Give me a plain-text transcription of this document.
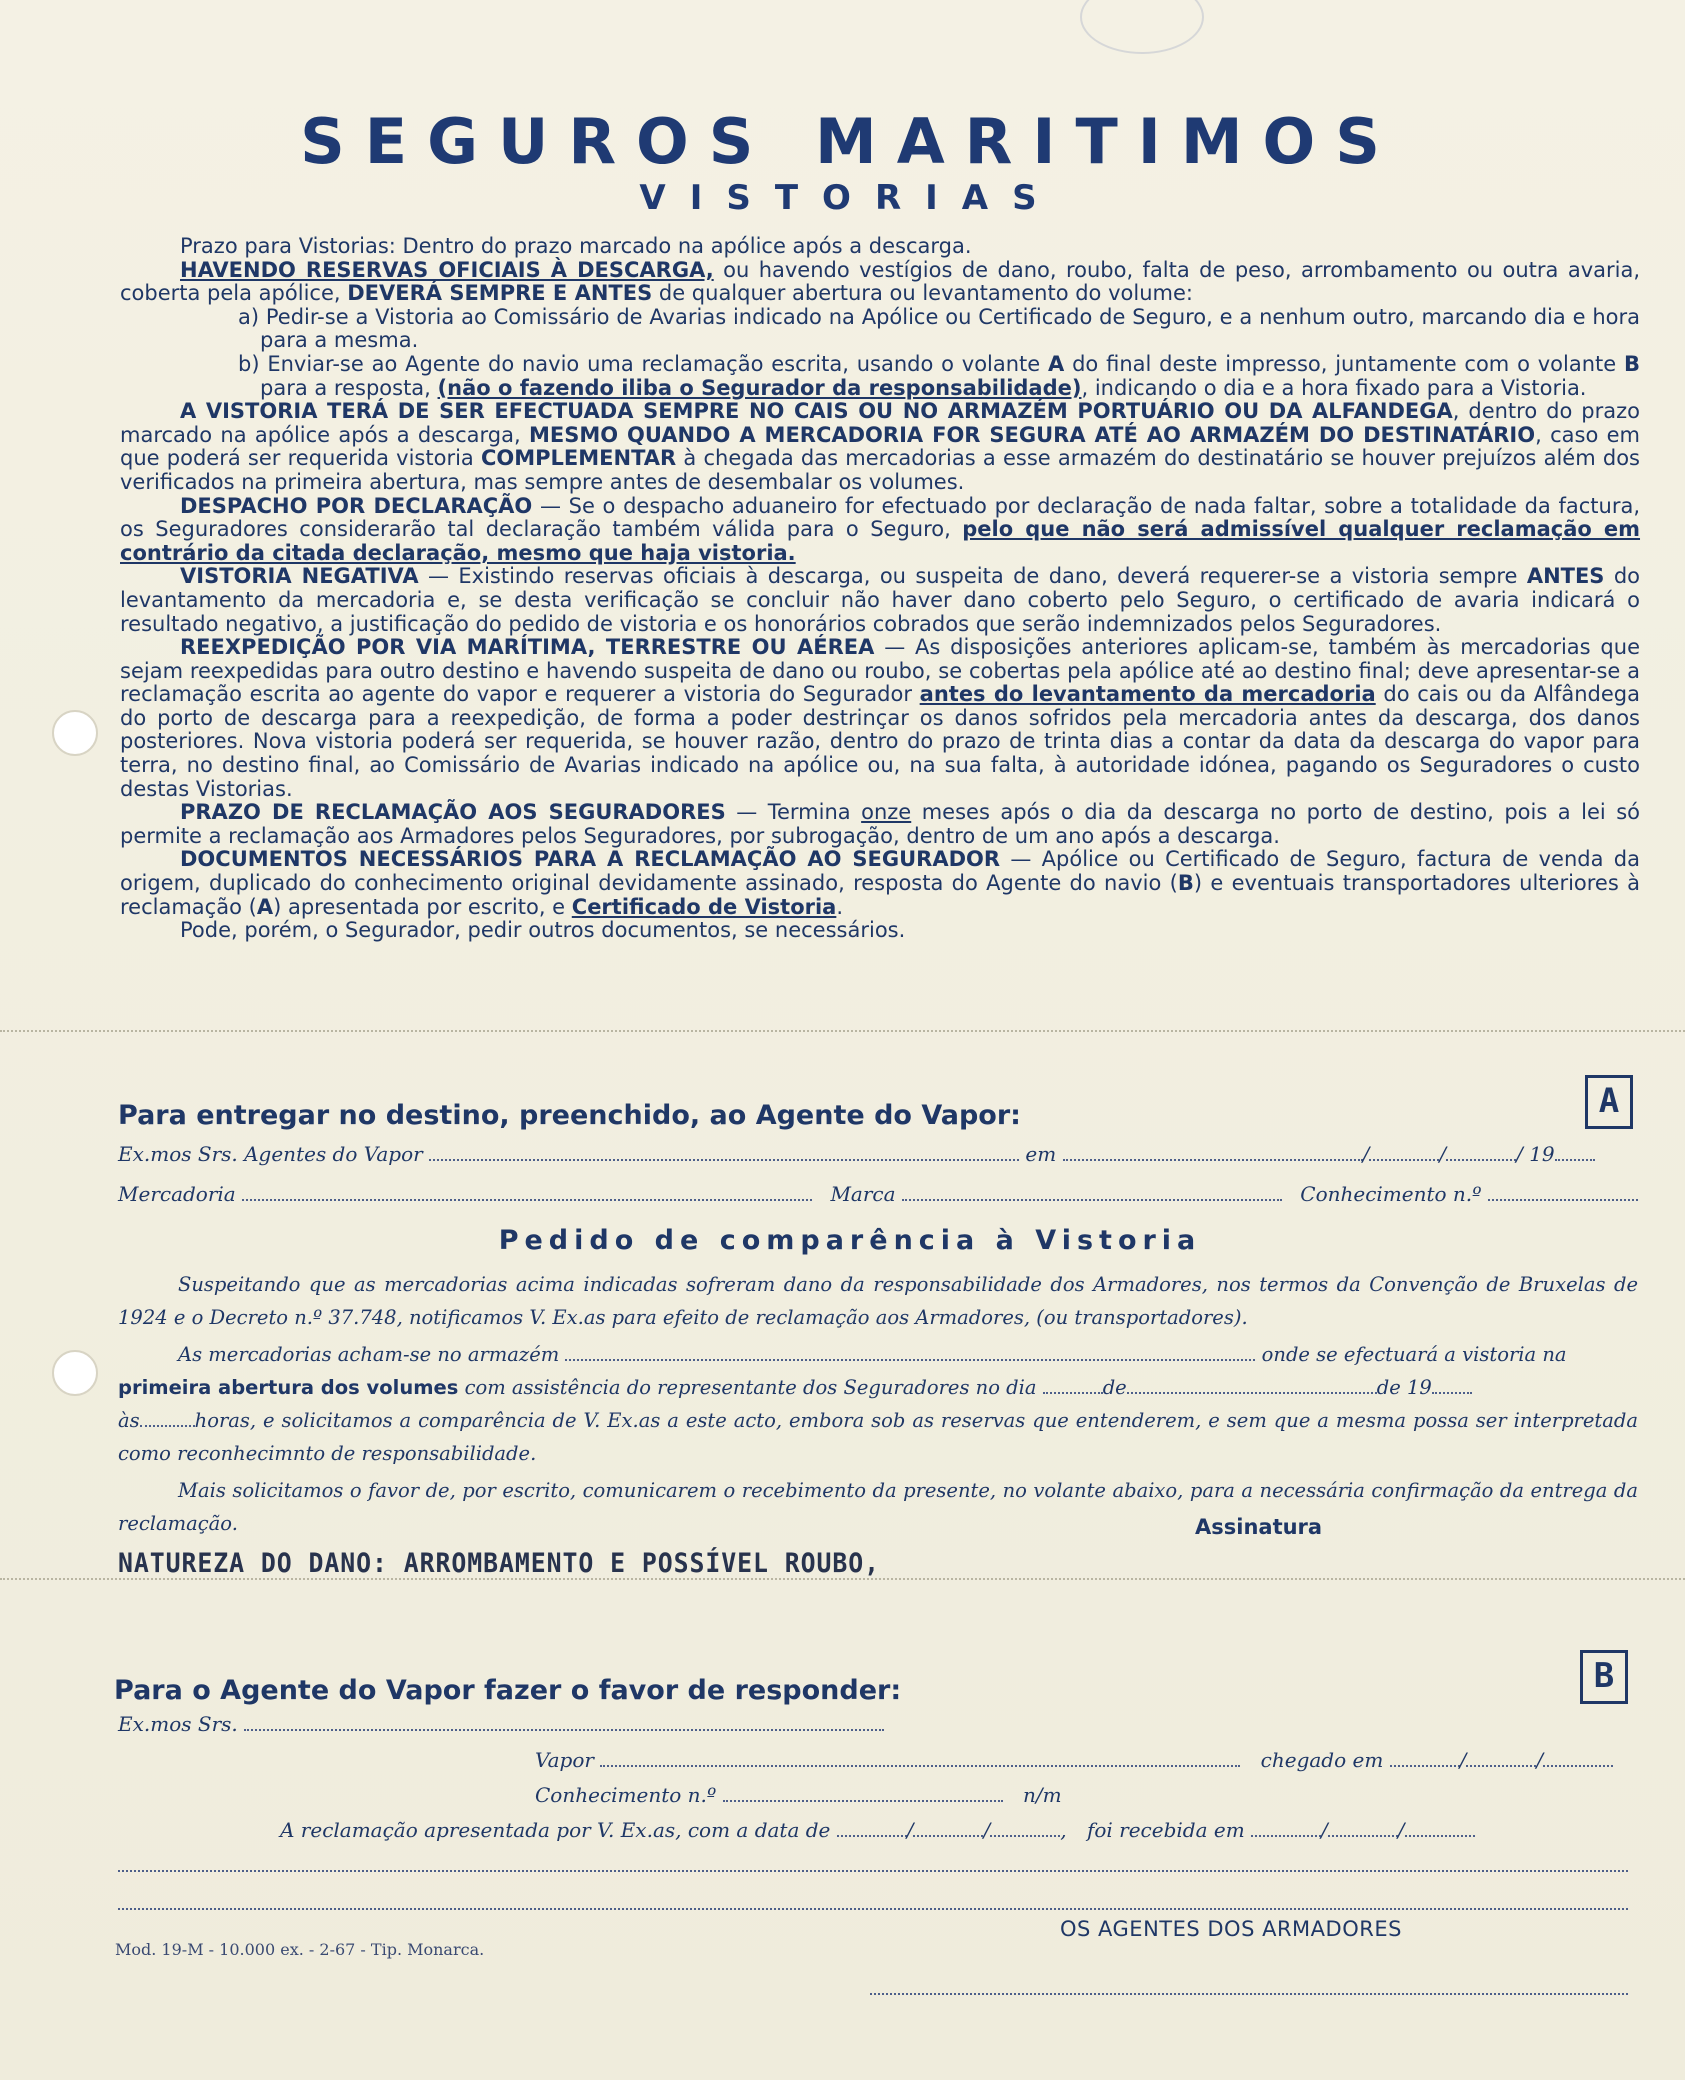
SEGUROS MARITIMOS
VISTORIAS

Prazo para Vistorias: Dentro do prazo marcado na apólice após a descarga.

HAVENDO RESERVAS OFICIAIS À DESCARGA, ou havendo vestígios de dano, roubo, falta de peso, arrombamento ou outra avaria, coberta pela apólice, DEVERÁ SEMPRE E ANTES de qualquer abertura ou levantamento do volume:

a) Pedir-se a Vistoria ao Comissário de Avarias indicado na Apólice ou Certificado de Seguro, e a nenhum outro, marcando dia e hora para a mesma.

b) Enviar-se ao Agente do navio uma reclamação escrita, usando o volante A do final deste impresso, juntamente com o volante B para a resposta, (não o fazendo iliba o Segurador da responsabilidade), indicando o dia e a hora fixado para a Vistoria.

A VISTORIA TERÁ DE SER EFECTUADA SEMPRE NO CAIS OU NO ARMAZÉM PORTUÁRIO OU DA ALFANDEGA, dentro do prazo marcado na apólice após a descarga, MESMO QUANDO A MERCADORIA FOR SEGURA ATÉ AO ARMAZÉM DO DESTINATÁRIO, caso em que poderá ser requerida vistoria COMPLEMENTAR à chegada das mercadorias a esse armazém do destinatário se houver prejuízos além dos verificados na primeira abertura, mas sempre antes de desembalar os volumes.

DESPACHO POR DECLARAÇÃO — Se o despacho aduaneiro for efectuado por declaração de nada faltar, sobre a totalidade da factura, os Seguradores considerarão tal declaração também válida para o Seguro, pelo que não será admissível qualquer reclamação em contrário da citada declaração, mesmo que haja vistoria.

VISTORIA NEGATIVA — Existindo reservas oficiais à descarga, ou suspeita de dano, deverá requerer-se a vistoria sempre ANTES do levantamento da mercadoria e, se desta verificação se concluir não haver dano coberto pelo Seguro, o certificado de avaria indicará o resultado negativo, a justificação do pedido de vistoria e os honorários cobrados que serão indemnizados pelos Seguradores.

REEXPEDIÇÃO POR VIA MARÍTIMA, TERRESTRE OU AÉREA — As disposições anteriores aplicam-se, também às mercadorias que sejam reexpedidas para outro destino e havendo suspeita de dano ou roubo, se cobertas pela apólice até ao destino final; deve apresentar-se a reclamação escrita ao agente do vapor e requerer a vistoria do Segurador antes do levantamento da mercadoria do cais ou da Alfândega do porto de descarga para a reexpedição, de forma a poder destrinçar os danos sofridos pela mercadoria antes da descarga, dos danos posteriores. Nova vistoria poderá ser requerida, se houver razão, dentro do prazo de trinta dias a contar da data da descarga do vapor para terra, no destino final, ao Comissário de Avarias indicado na apólice ou, na sua falta, à autoridade idónea, pagando os Seguradores o custo destas Vistorias.

PRAZO DE RECLAMAÇÃO AOS SEGURADORES — Termina onze meses após o dia da descarga no porto de destino, pois a lei só permite a reclamação aos Armadores pelos Seguradores, por subrogação, dentro de um ano após a descarga.

DOCUMENTOS NECESSÁRIOS PARA A RECLAMAÇÃO AO SEGURADOR — Apólice ou Certificado de Seguro, factura de venda da origem, duplicado do conhecimento original devidamente assinado, resposta do Agente do navio (B) e eventuais transportadores ulteriores à reclamação (A) apresentada por escrito, e Certificado de Vistoria.

Pode, porém, o Segurador, pedir outros documentos, se necessários.

A
Para entregar no destino, preenchido, ao Agente do Vapor:
Ex.mos Srs. Agentes do Vapor	em	/	/	/ 19
Mercadoria	Marca	Conhecimento n.º
Pedido de comparência à Vistoria
Suspeitando que as mercadorias acima indicadas sofreram dano da responsabilidade dos Armadores, nos termos da Convenção de Bruxelas de 1924 e o Decreto n.º 37.748, notificamos V. Ex.as para efeito de reclamação aos Armadores, (ou transportadores).
As mercadorias acham-se no armazém	onde se efectuará a vistoria na
primeira abertura dos volumes com assistência do representante dos Seguradores no dia	de	de 19
às	horas, e solicitamos a comparência de V. Ex.as a este acto, embora sob as reservas que entenderem, e sem que a mesma possa ser interpretada como reconhecimnto de responsabilidade.
Mais solicitamos o favor de, por escrito, comunicarem o recebimento da presente, no volante abaixo, para a necessária confirmação da entrega da reclamação.	Assinatura
NATUREZA DO DANO: ARROMBAMENTO E POSSÍVEL ROUBO,
B
Para o Agente do Vapor fazer o favor de responder:
Ex.mos Srs.
Vapor	chegado em	/	/
Conhecimento n.º	n/m
A reclamação apresentada por V. Ex.as, com a data de	/	/	, foi recebida em	/	/
OS AGENTES DOS ARMADORES
Mod. 19-M - 10.000 ex. - 2-67 - Tip. Monarca.
